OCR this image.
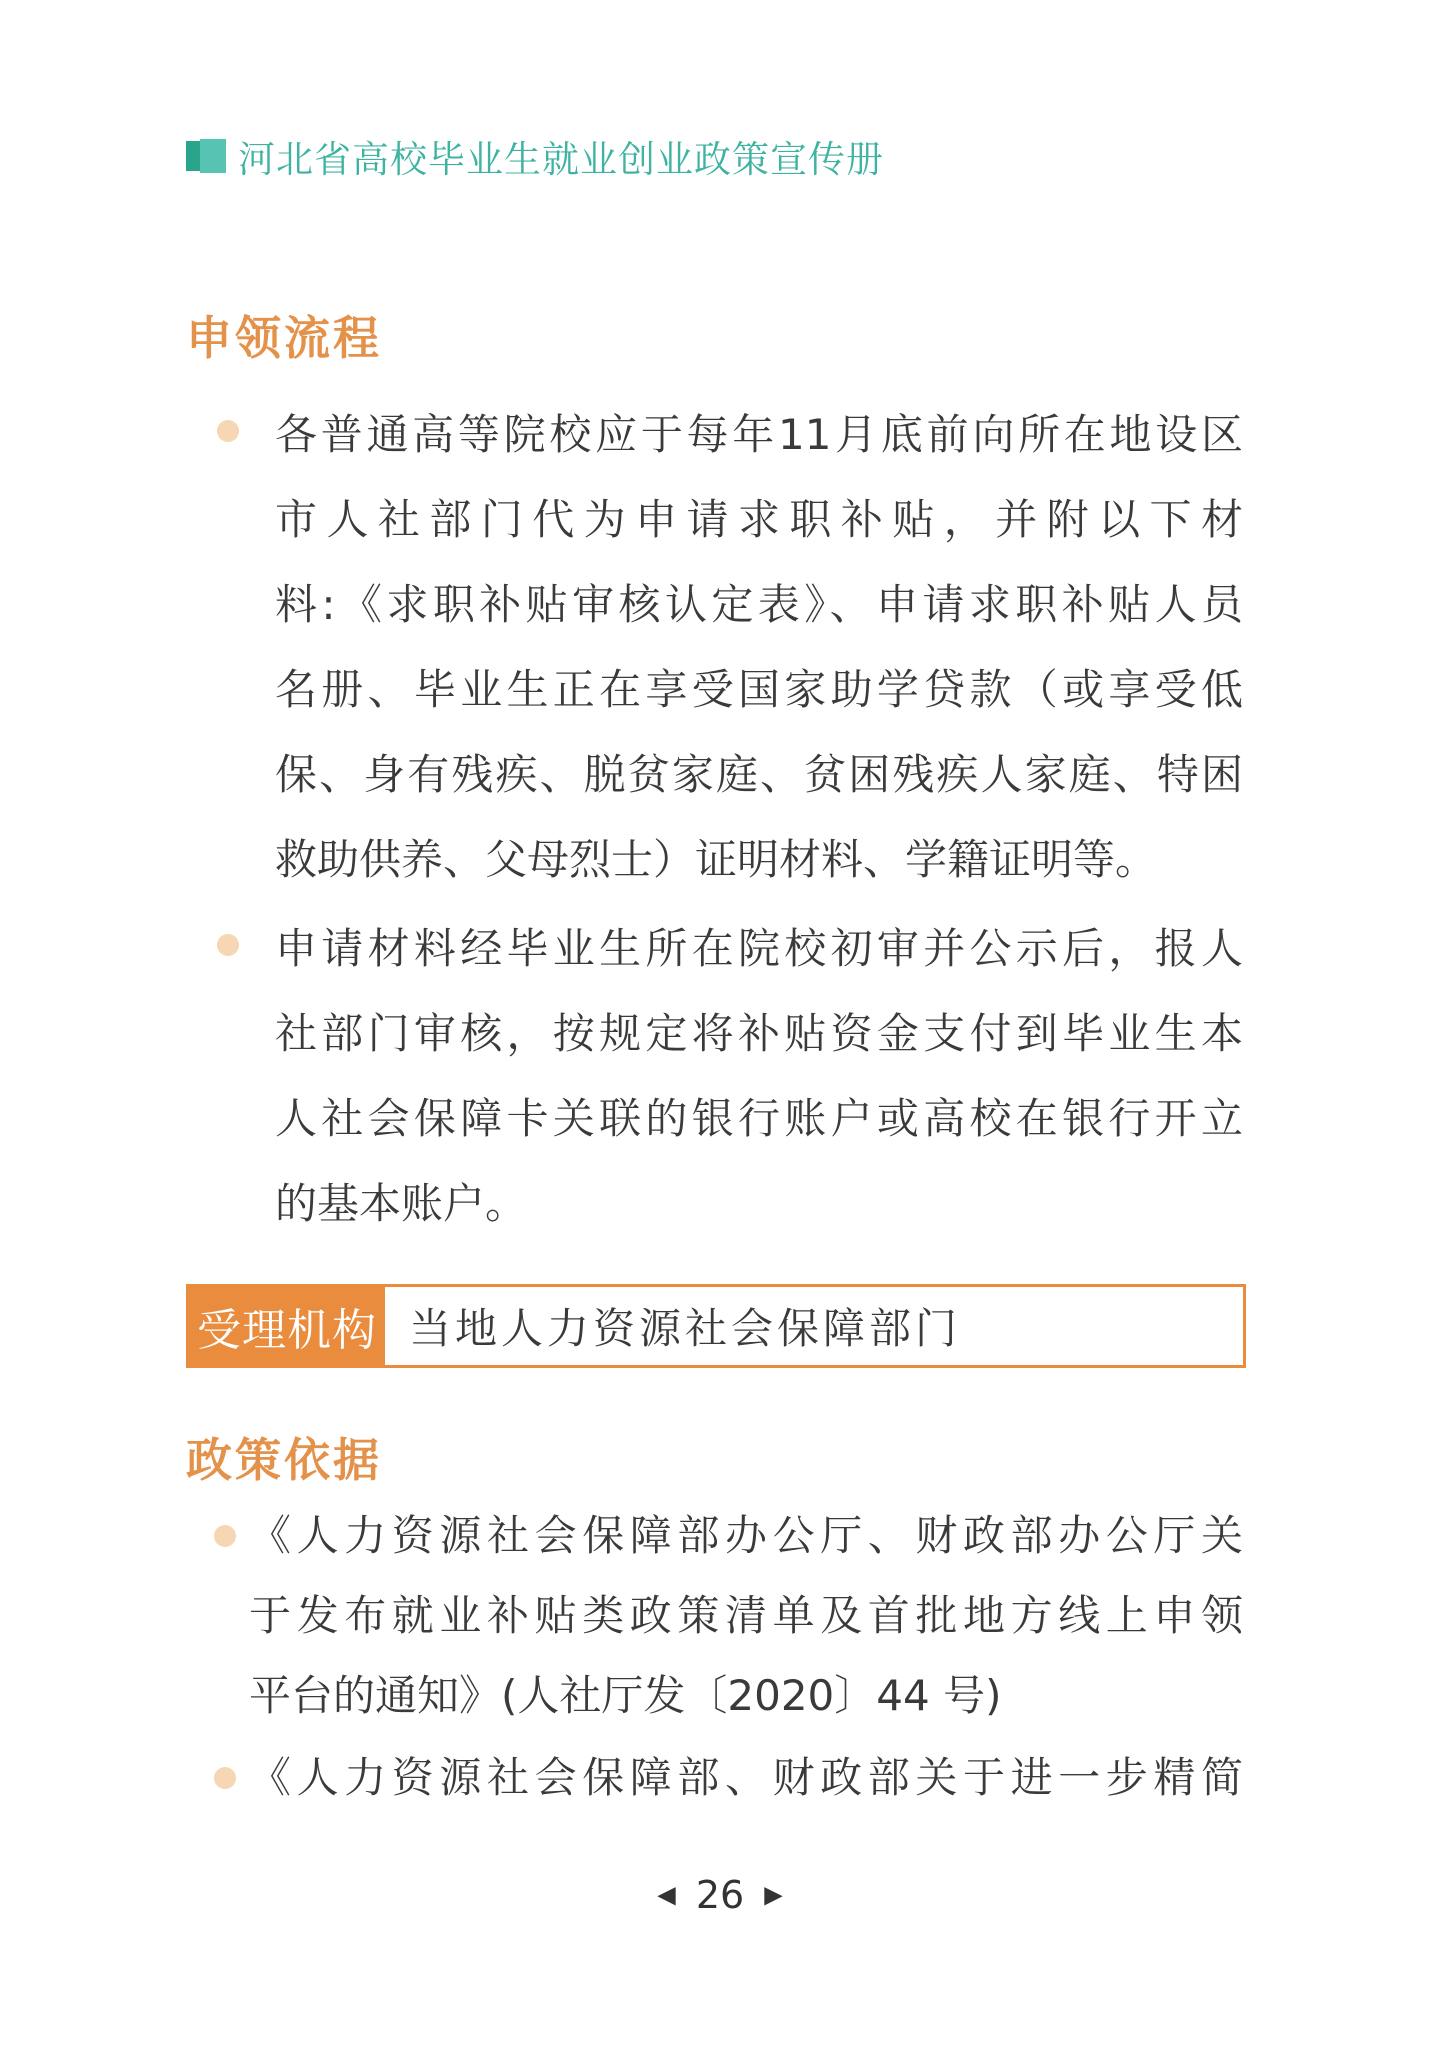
河北省高校毕业生就业创业政策宣传册
申领流程
各普通高等院校应于每年11月底前向所在地设区
市人社部门代为申请求职补贴，并附以下材
料:《求职补贴审核认定表》、申请求职补贴人员
名册、毕业生正在享受国家助学贷款（或享受低
保、身有残疾、脱贫家庭、贫困残疾人家庭、特困
救助供养、父母烈士）证明材料、学籍证明等。
申请材料经毕业生所在院校初审并公示后，报人
社部门审核，按规定将补贴资金支付到毕业生本
人社会保障卡关联的银行账户或高校在银行开立
的基本账户。
受理机构 当地人力资源社会保障部门
政策依据
《人力资源社会保障部办公厅、财政部办公厅关
于发布就业补贴类政策清单及首批地方线上申领
平台的通知》(人社厅发〔2020〕44 号)
《人力资源社会保障部、财政部关于进一步精简
◀ 26 ▶
